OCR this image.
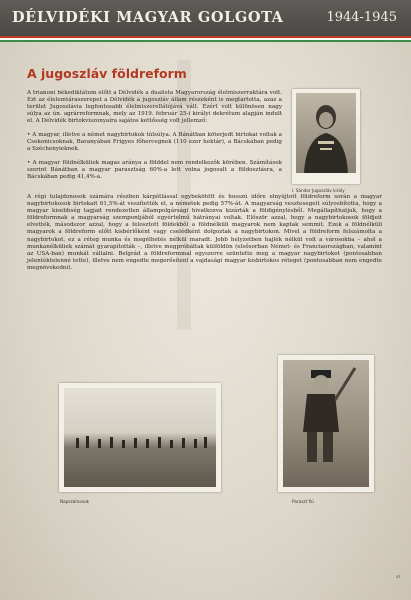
DÉLVIDÉKI MAGYAR GOLGOTA	1944-1945
A jugoszláv földreform

A trianoni békediktátum előtt a Délvidék a dualista Magyarország élelmiszerraktára volt. Ezt az élelemtáraszerepet a Délvidék a jugoszláv állam részeként is megtartotta, azaz a terület Jugoszlávia legfontosabb élelmiszerellátójává vált. Ezért volt különösen nagy súlya az ún. agrárreformnak, mely az 1919. február 25-i királyi dekrétum alapján indult el. A Délvidék birtokviszonyaira sajátos kettősség volt jellemző:

• A magyar, illetve a német nagybirtokok túlsúlya. A Bánátban köterjedt birtokai voltak a Csekonicsoknak, Baranyában Frigyes főhercegnek (110 ezer hektár), a Bácskában pedig a Széchenyieknek.

• A magyar földnélküliek magas aránya a földdel nem rendelkezők körében. Számítások szerint Bánátban a magyar parasztság 60%-a lett volna jogosult a földosztásra, a Bácskában pedig 41,4%-a.

A régi tulajdonosok számára részben kárpótlással egybekötött és hosszú időre elnyújtott földreform során a magyar nagybirtokosok birtokait 61,5%-át veszítették el, a németek pedig 57%-át. A magyarság vesztesegeit súlyosbította, hogy a magyar kisebbség tagjait rendezetlen állampolgársági hivatkozva kizárták a földigénylésből. Megállapíthatjuk, hogy a földreformnak a magyarság szempontjából egyértelmű hátrányai voltak. Először azzal, hogy a nagybirtokosok földjeit elvették, másodszor azzal, hogy a felosztott földekből a földnélküli magyarok nem kaptak semmit. Ezek a földnélküli magyarok a földreform előtt kisbérlőként vagy cselédként dolgoztak a nagybirtokon. Mivel a földreform felszámolta a nagybirtokot, ez a réteg munka és megélhetés nélkül maradt. Jobb helyzetben hajlék nélkül volt a városokba – ahol a munkanélküliek számát gyarapították –, illetve megpróbáltak külföldön (elsősorban Német- és Franciaországban, valamint az USA-ban) munkát vállalni. Belgrád a földreformmal egyszerre szüntette meg a magyar nagybirtokot (pontosabban jelentéktelenné tette), illetve nem engedte megerősítenl a vajdasági magyar kisbirtokos réteget (pontosabban nem engedte megnövekedni).

I. Sándor Jugoszláv király
Napszámosok	Paraszt fiú
81
